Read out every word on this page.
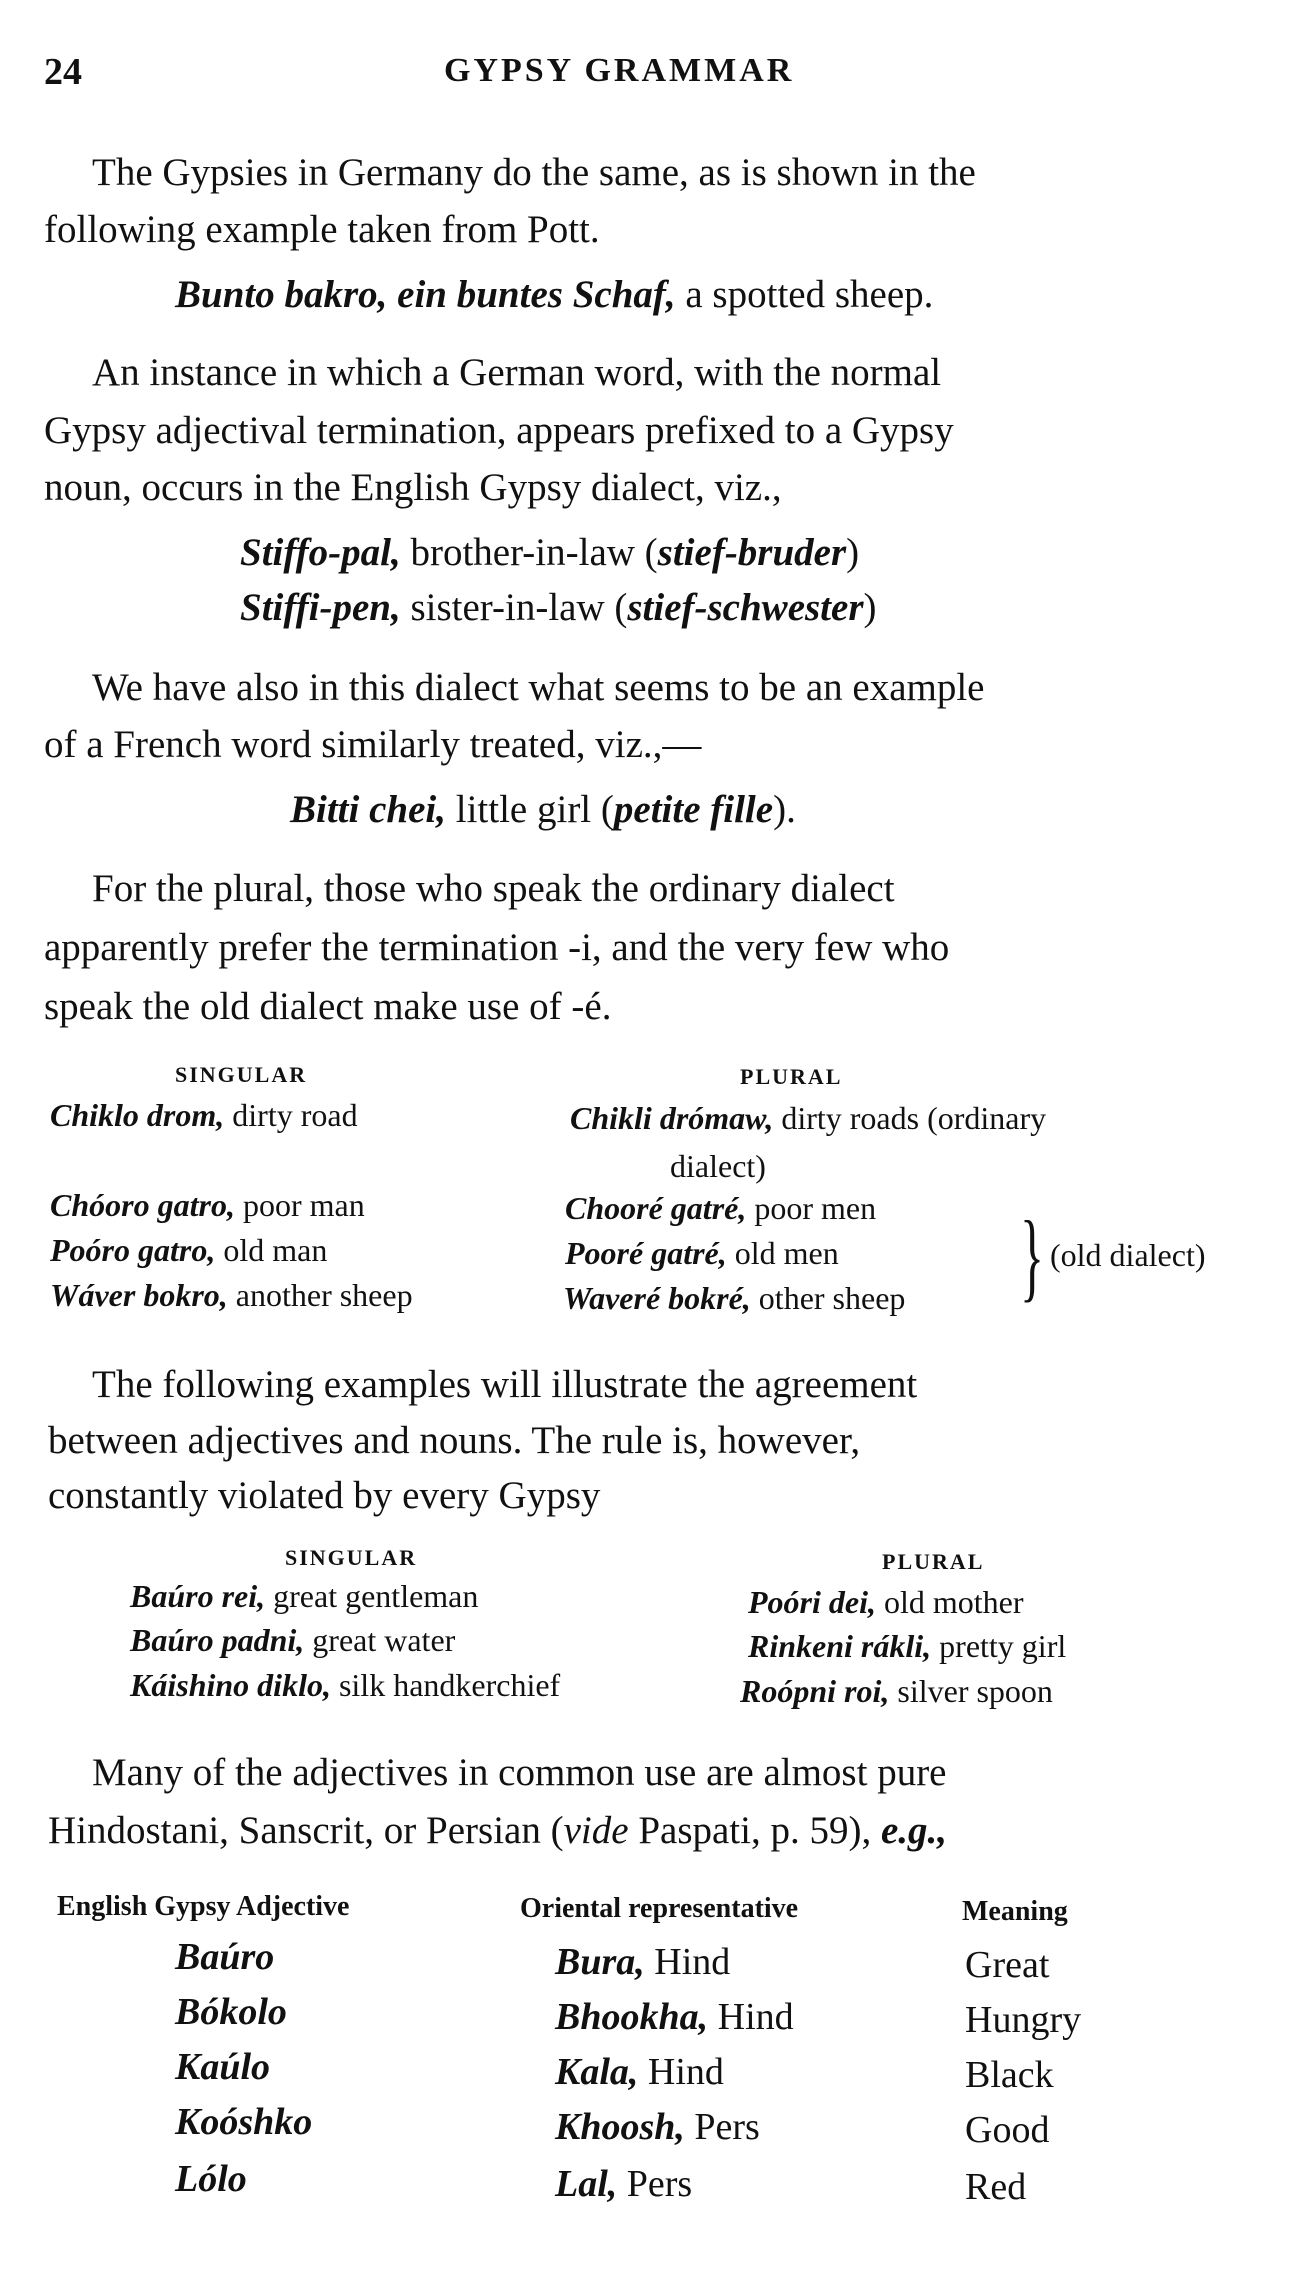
24	GYPSY GRAMMAR
The Gypsies in Germany do the same, as is shown in the
following example taken from Pott.
Bunto bakro, ein buntes Schaf, a spotted sheep.
An instance in which a German word, with the normal
Gypsy adjectival termination, appears prefixed to a Gypsy
noun, occurs in the English Gypsy dialect, viz.,
Stiffo-pal, brother-in-law (stief-bruder)
Stiffi-pen, sister-in-law (stief-schwester)
We have also in this dialect what seems to be an example
of a French word similarly treated, viz.,—
Bitti chei, little girl (petite fille).
For the plural, those who speak the ordinary dialect
apparently prefer the termination -i, and the very few who
speak the old dialect make use of -é.
SINGULAR	PLURAL
Chiklo drom, dirty road	Chikli drómaw, dirty roads (ordinary
dialect)
Chóoro gatro, poor man	Chooré gatré, poor men
Poóro gatro, old man	Pooré gatré, old men
Wáver bokro, another sheep	Waveré bokré, other sheep } (old dialect)
The following examples will illustrate the agreement
between adjectives and nouns. The rule is, however,
constantly violated by every Gypsy
SINGULAR	PLURAL
Baúro rei, great gentleman	Poóri dei, old mother
Baúro padni, great water	Rinkeni rákli, pretty girl
Káishino diklo, silk handkerchief	Roópni roi, silver spoon
Many of the adjectives in common use are almost pure
Hindostani, Sanscrit, or Persian (vide Paspati, p. 59), e.g.,
English Gypsy Adjective	Oriental representative	Meaning
Baúro	Bura, Hind	Great
Bókolo	Bhookha, Hind	Hungry
Kaúlo	Kala, Hind	Black
Koóshko	Khoosh, Pers	Good
Lólo	Lal, Pers	Red
